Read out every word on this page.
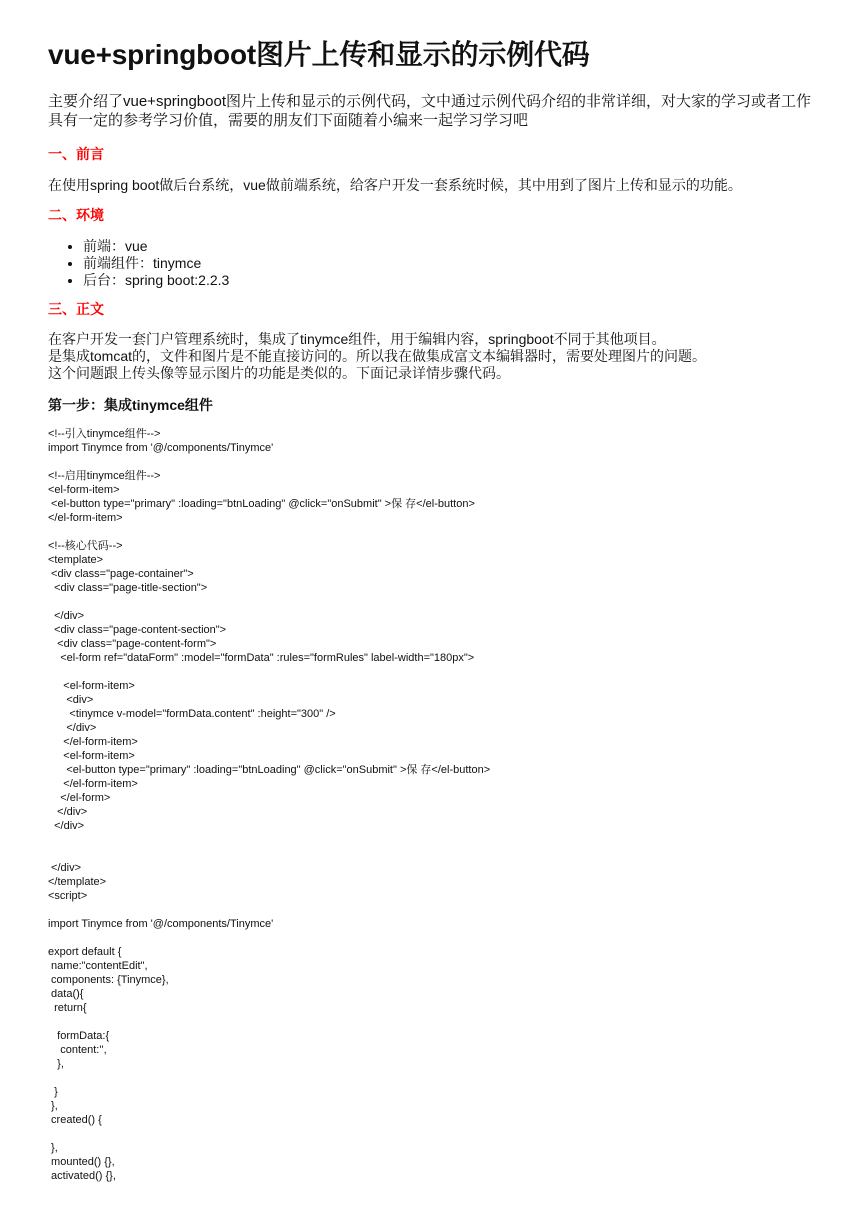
vue+springboot图片上传和显示的示例代码

主要介绍了vue+springboot图片上传和显示的示例代码，文中通过示例代码介绍的非常详细，对大家的学习或者工作具有一定的参考学习价值，需要的朋友们下面随着小编来一起学习学习吧

一、前言

在使用spring boot做后台系统，vue做前端系统，给客户开发一套系统时候，其中用到了图片上传和显示的功能。

二、环境
• 前端：vue
• 前端组件：tinymce
• 后台：spring boot:2.2.3
三、正文

在客户开发一套门户管理系统时，集成了tinymce组件，用于编辑内容，springboot不同于其他项目。

是集成tomcat的，文件和图片是不能直接访问的。所以我在做集成富文本编辑器时，需要处理图片的问题。

这个问题跟上传头像等显示图片的功能是类似的。下面记录详情步骤代码。

第一步：集成tinymce组件
<!--引入tinymce组件-->
import Tinymce from '@/components/Tinymce'

<!--启用tinymce组件-->
<el-form-item>
<el-button type="primary" :loading="btnLoading" @click="onSubmit" >保 存</el-button>
</el-form-item>

<!--核心代码-->
<template>
<div class="page-container">
<div class="page-title-section">

</div>
<div class="page-content-section">
<div class="page-content-form">
<el-form ref="dataForm" :model="formData" :rules="formRules" label-width="180px">

<el-form-item>
<div>
<tinymce v-model="formData.content" :height="300" />
</div>
</el-form-item>
<el-form-item>
<el-button type="primary" :loading="btnLoading" @click="onSubmit" >保 存</el-button>
</el-form-item>
</el-form>
</div>
</div>

</div>
</template>
<script>

import Tinymce from '@/components/Tinymce'

export default {
name:"contentEdit",
components: {Tinymce},
data(){
return{

formData:{
content:'',
},

}
},
created() {

},
mounted() {},
activated() {},
